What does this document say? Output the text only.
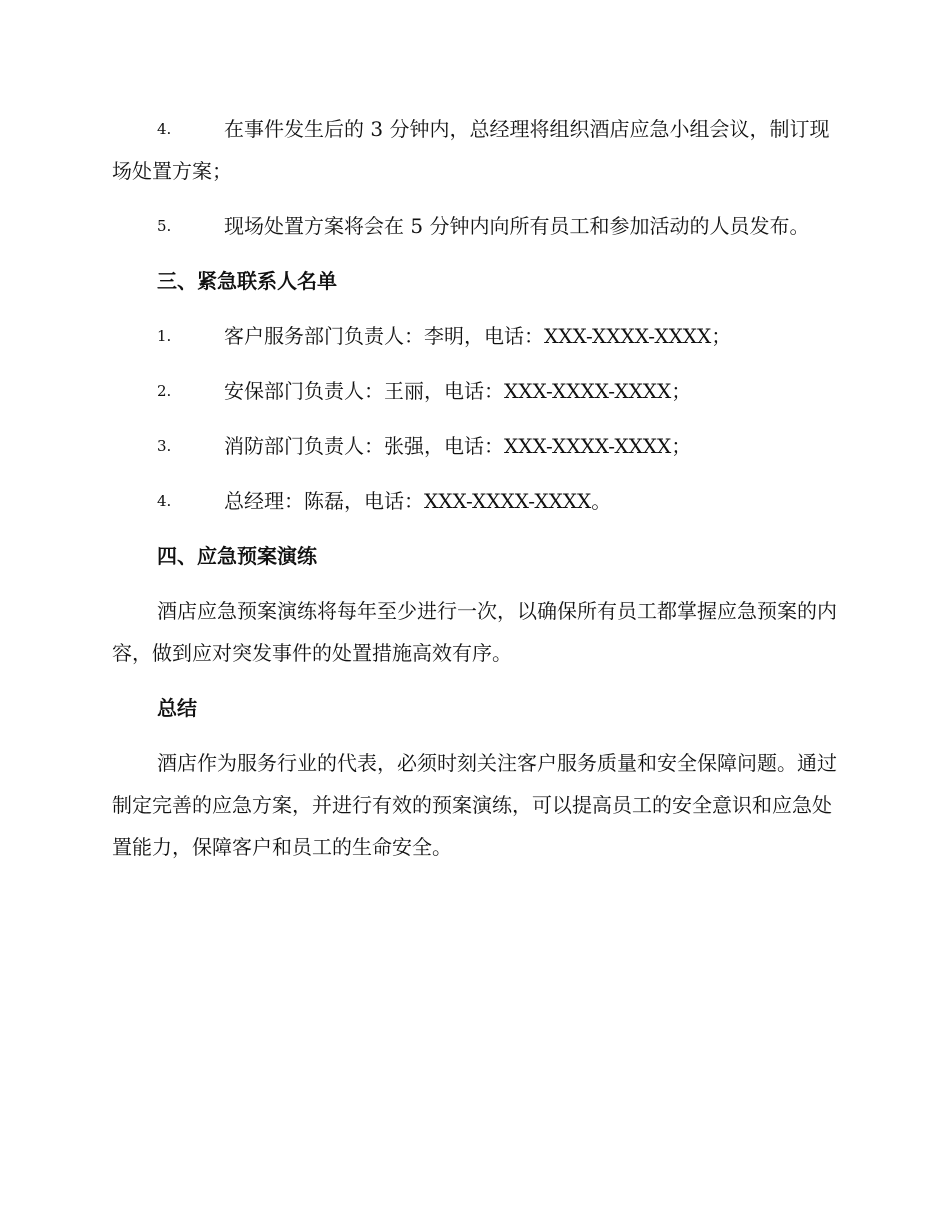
4.	在事件发生后的 3 分钟内，总经理将组织酒店应急小组会议，制订现场处置方案；
5.	现场处置方案将会在 5 分钟内向所有员工和参加活动的人员发布。

三、紧急联系人名单

1.	客户服务部门负责人：李明，电话：XXX-XXXX-XXXX；
2.	安保部门负责人：王丽，电话：XXX-XXXX-XXXX；
3.	消防部门负责人：张强，电话：XXX-XXXX-XXXX；
4.	总经理：陈磊，电话：XXX-XXXX-XXXX。

四、应急预案演练

酒店应急预案演练将每年至少进行一次，以确保所有员工都掌握应急预案的内容，做到应对突发事件的处置措施高效有序。

总结

酒店作为服务行业的代表，必须时刻关注客户服务质量和安全保障问题。通过制定完善的应急方案，并进行有效的预案演练，可以提高员工的安全意识和应急处置能力，保障客户和员工的生命安全。
